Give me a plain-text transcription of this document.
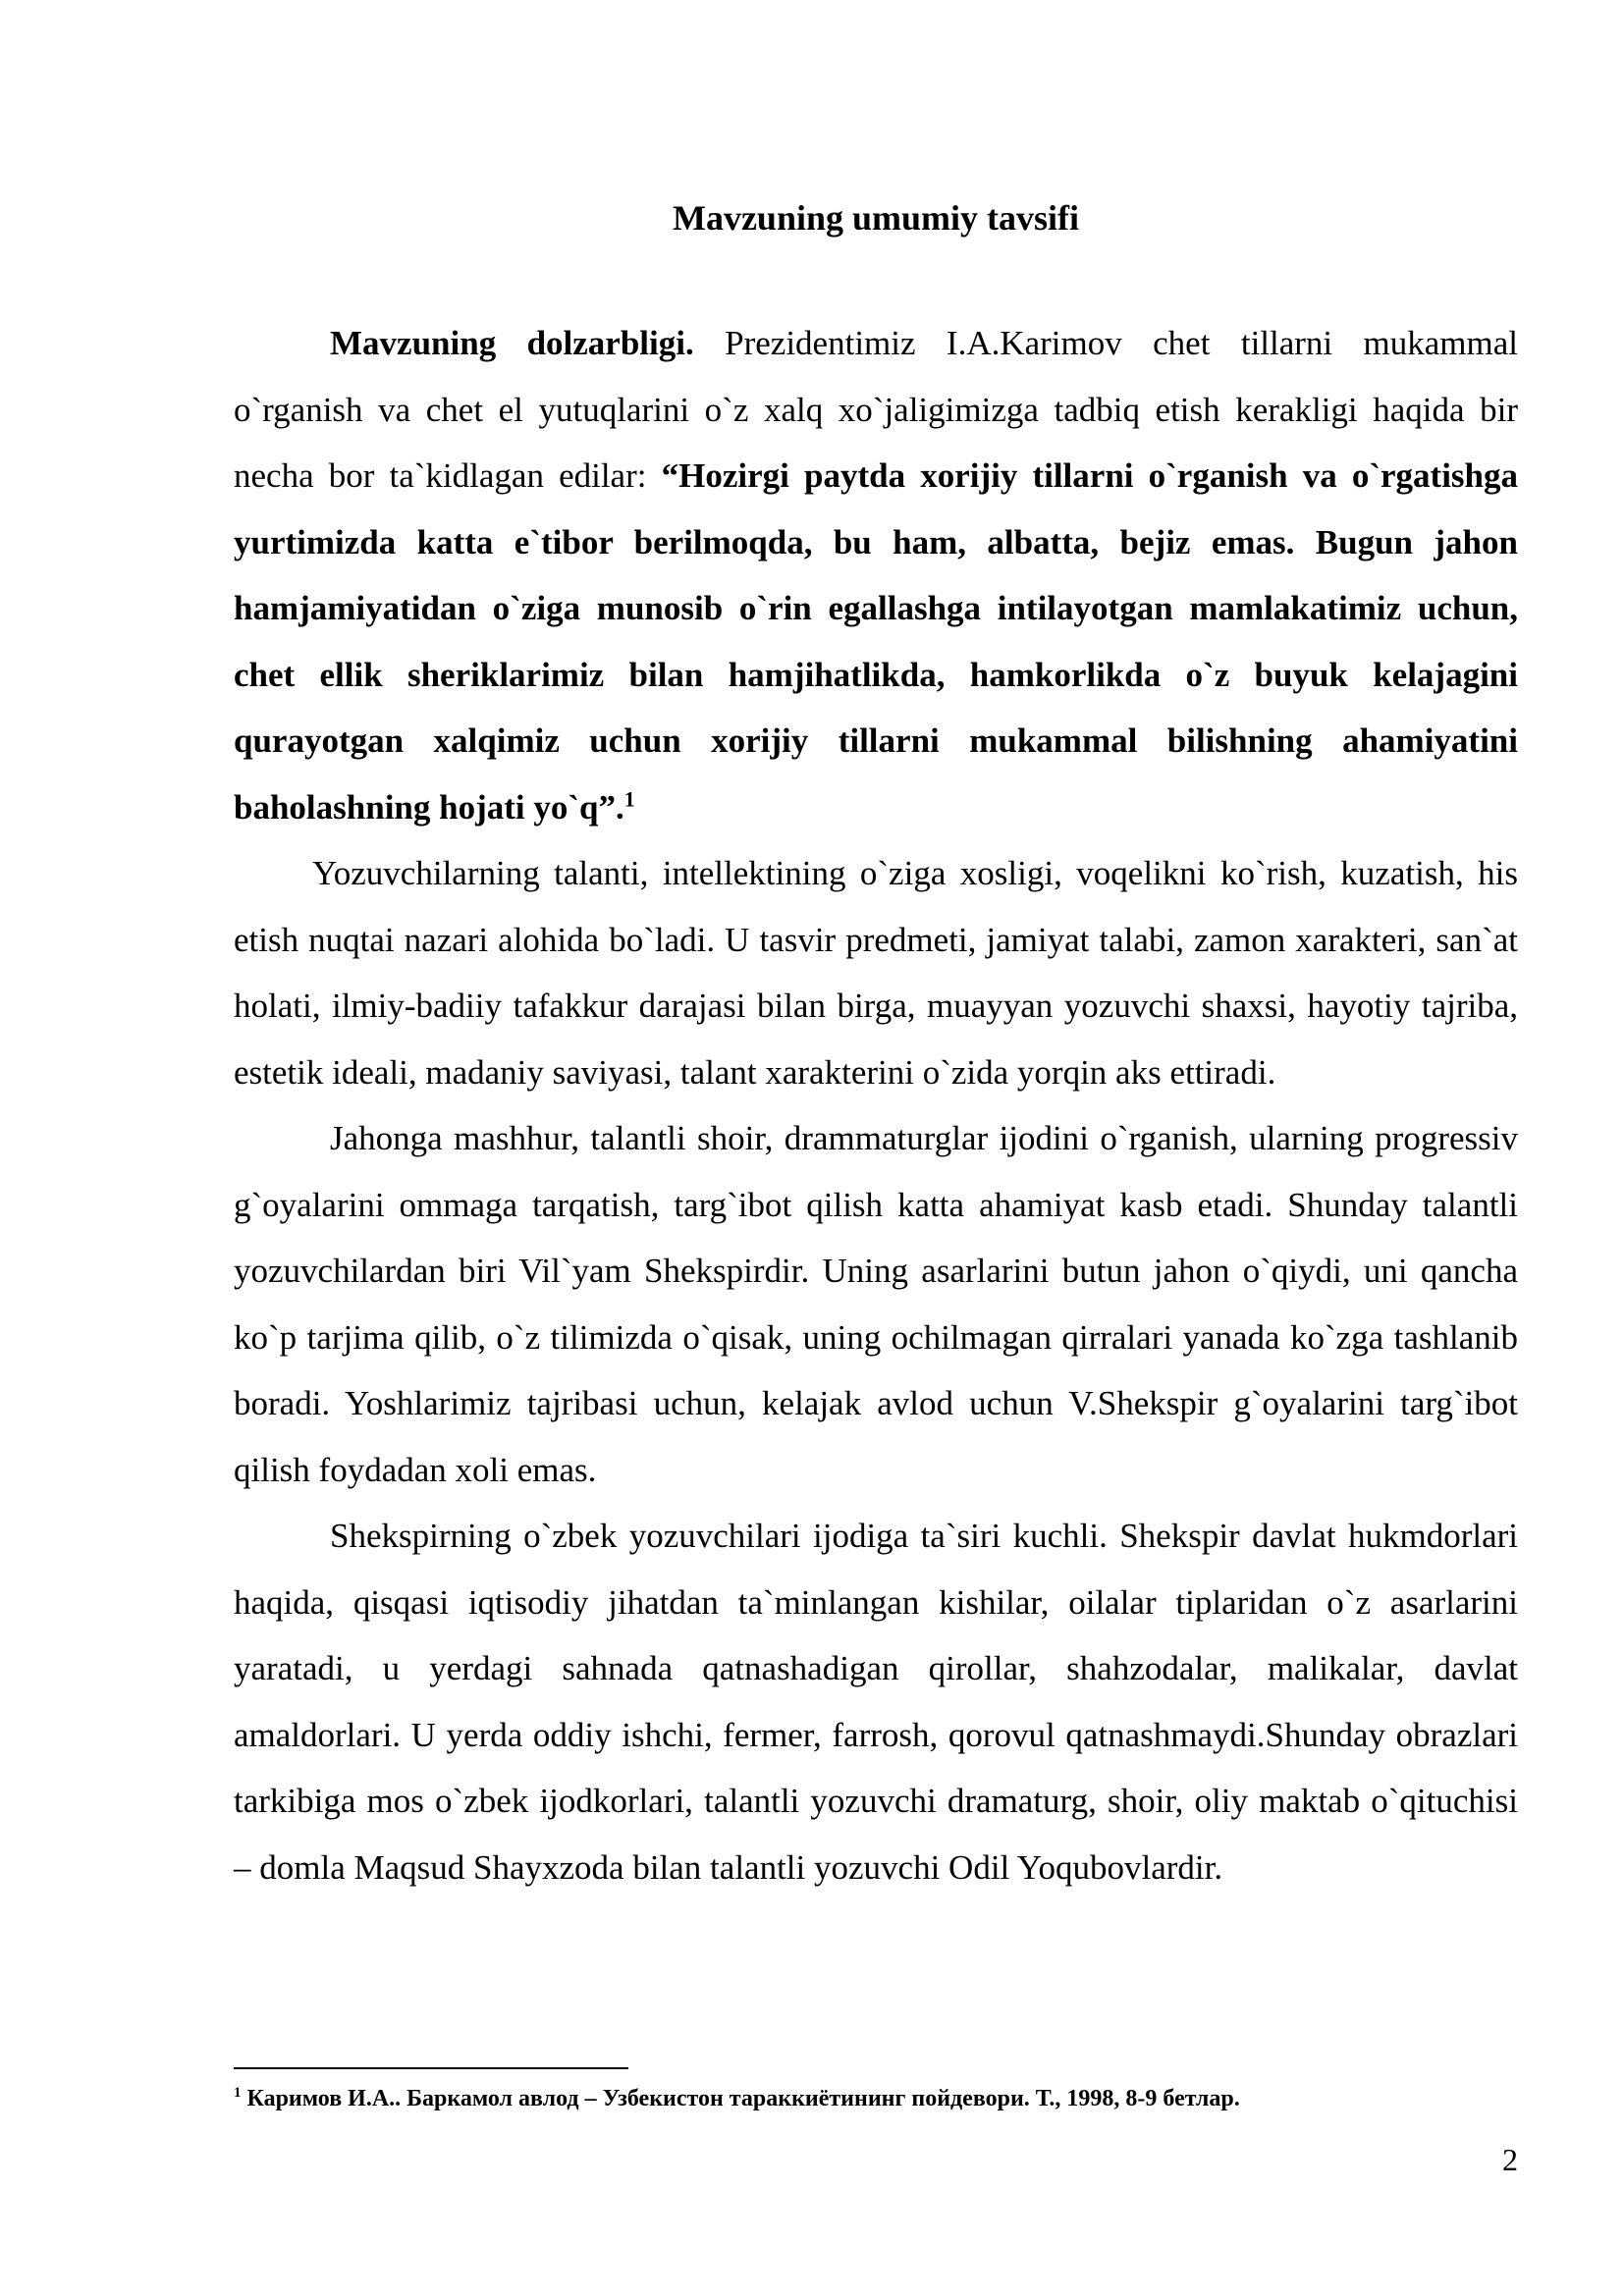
Mavzuning umumiy tavsifi

Mavzuning dolzarbligi. Prezidentimiz I.A.Karimov chet tillarni mukammal o`rganish va chet el yutuqlarini o`z xalq xo`jaligimizga tadbiq etish kerakligi haqida bir necha bor ta`kidlagan edilar: “Hozirgi paytda xorijiy tillarni o`rganish va o`rgatishga yurtimizda katta e`tibor berilmoqda, bu ham, albatta, bejiz emas. Bugun jahon hamjamiyatidan o`ziga munosib o`rin egallashga intilayotgan mamlakatimiz uchun, chet ellik sheriklarimiz bilan hamjihatlikda, hamkorlikda o`z buyuk kelajagini qurayotgan xalqimiz uchun xorijiy tillarni mukammal bilishning ahamiyatini baholashning hojati yo`q”.$^1$

Yozuvchilarning talanti, intellektining o`ziga xosligi, voqelikni ko`rish, kuzatish, his etish nuqtai nazari alohida bo`ladi. U tasvir predmeti, jamiyat talabi, zamon xarakteri, san`at holati, ilmiy-badiiy tafakkur darajasi bilan birga, muayyan yozuvchi shaxsi, hayotiy tajriba, estetik ideali, madaniy saviyasi, talant xarakterini o`zida yorqin aks ettiradi.

Jahonga mashhur, talantli shoir, drammaturglar ijodini o`rganish, ularning progressiv g`oyalarini ommaga tarqatish, targ`ibot qilish katta ahamiyat kasb etadi. Shunday talantli yozuvchilardan biri Vil`yam Shekspirdir. Uning asarlarini butun jahon o`qiydi, uni qancha ko`p tarjima qilib, o`z tilimizda o`qisak, uning ochilmagan qirralari yanada ko`zga tashlanib boradi. Yoshlarimiz tajribasi uchun, kelajak avlod uchun V.Shekspir g`oyalarini targ`ibot qilish foydadan xoli emas.

Shekspirning o`zbek yozuvchilari ijodiga ta`siri kuchli. Shekspir davlat hukmdorlari haqida, qisqasi iqtisodiy jihatdan ta`minlangan kishilar, oilalar tiplaridan o`z asarlarini yaratadi, u yerdagi sahnada qatnashadigan qirollar, shahzodalar, malikalar, davlat amaldorlari. U yerda oddiy ishchi, fermer, farrosh, qorovul qatnashmaydi.Shunday obrazlari tarkibiga mos o`zbek ijodkorlari, talantli yozuvchi dramaturg, shoir, oliy maktab o`qituchisi – domla Maqsud Shayxzoda bilan talantli yozuvchi Odil Yoqubovlardir.

$^1$ Каримов И.А.. Баркамол авлод – Узбекистон тараккиётининг пойдевори. Т., 1998, 8-9 бетлар.
2
